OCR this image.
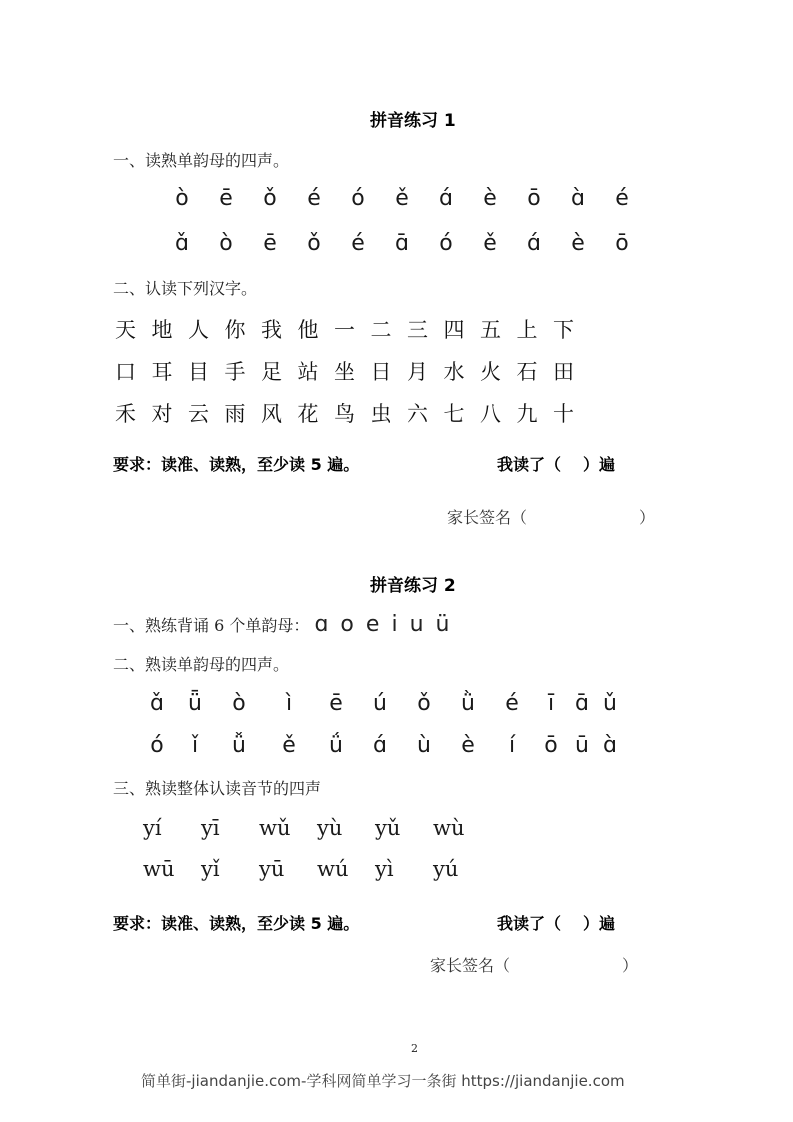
拼音练习 1
一、读熟单韵母的四声。
ò	ē	ǒ	é	ó	ě	ɑ́	è	ō	ɑ̀	é
ɑ̌	ò	ē	ǒ	é	ɑ̄	ó	ě	ɑ́	è	ō
二、认读下列汉字。
天 地 人 你 我 他 一 二 三 四 五 上 下
口 耳 目 手 足 站 坐 日 月 水 火 石 田
禾 对 云 雨 风 花 鸟 虫 六 七 八 九 十
要求：读准、读熟，至少读 5 遍。	我读了（ ）遍
家长签名（	）
拼音练习 2
一、熟练背诵 6 个单韵母： ɑ o e i u ü
二、熟读单韵母的四声。
ɑ̌	ǖ	ò	ì	ē	ú	ǒ	ǜ	é	ī ɑ̄ ǔ
ó	ǐ	ǚ	ě	ǘ	ɑ́	ù	è	í	ō ū ɑ̀
三、熟读整体认读音节的四声
yí	yī	wǔ	yù	yǔ	wù
wū	yǐ	yū	wú	yì	yú
要求：读准、读熟，至少读 5 遍。	我读了（ ）遍
家长签名（	）
2
简单街-jiandanjie.com-学科网简单学习一条街 https://jiandanjie.com
